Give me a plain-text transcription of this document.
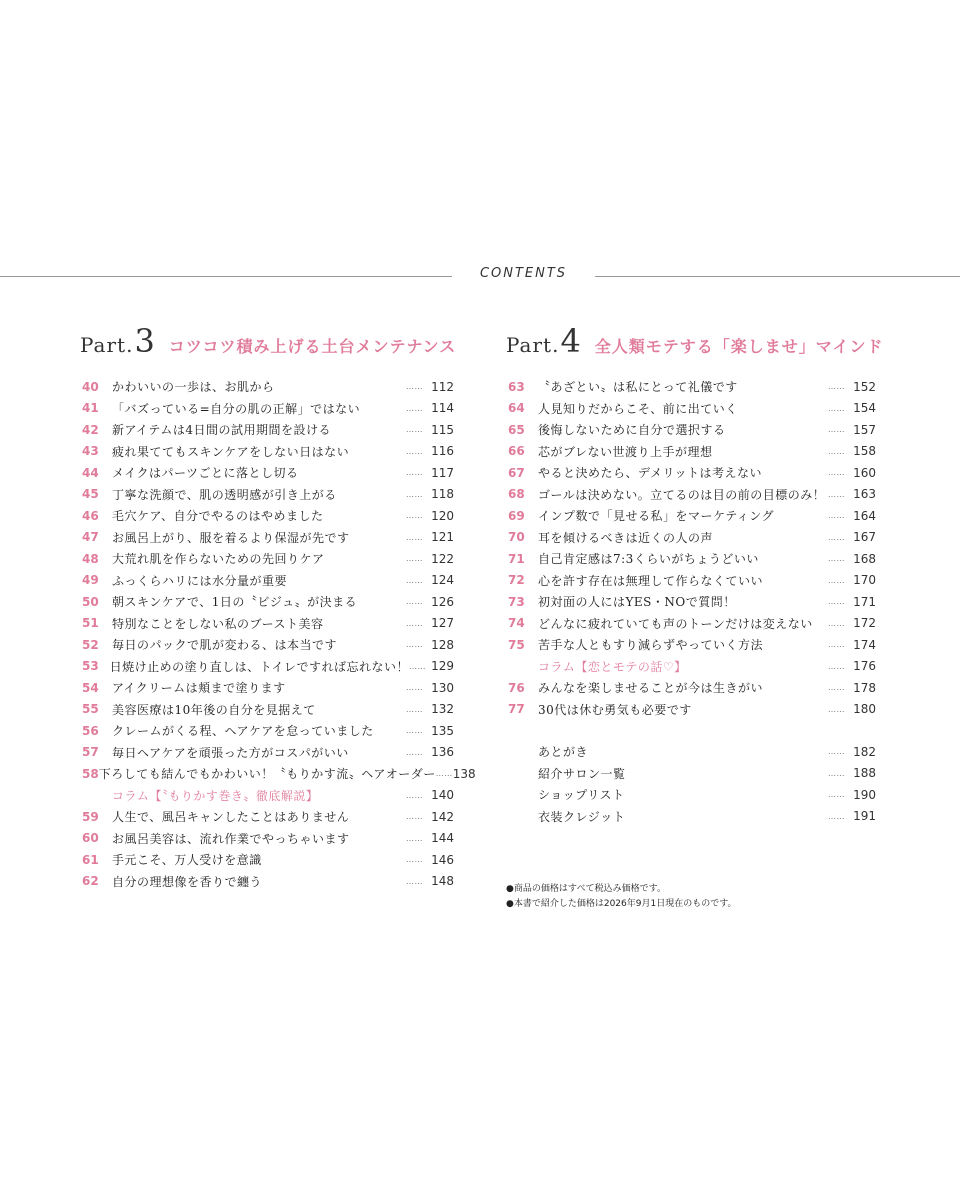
CONTENTS
Part. 3 コツコツ積み上げる土台メンテナンス Part. 4 全人類モテする「楽しませ」マインド
40	かわいいの一歩は、お肌から	…… 112
41	「バズっている=自分の肌の正解」ではない	…… 114
42	新アイテムは4日間の試用期間を設ける	…… 115
43	疲れ果ててもスキンケアをしない日はない	…… 116
44	メイクはパーツごとに落とし切る	…… 117
45	丁寧な洗顔で、肌の透明感が引き上がる	…… 118
46	毛穴ケア、自分でやるのはやめました	…… 120
47	お風呂上がり、服を着るより保湿が先です	…… 121
48	大荒れ肌を作らないための先回りケア	…… 122
49	ふっくらハリには水分量が重要	…… 124
50	朝スキンケアで、1日の〝ビジュ〟が決まる	…… 126
51	特別なことをしない私のブースト美容	…… 127
52	毎日のパックで肌が変わる、は本当です	…… 128
53 日焼け止めの塗り直しは、トイレですれば忘れない！ …… 129
54	アイクリームは頬まで塗ります	…… 130
55	美容医療は10年後の自分を見据えて	…… 132
56	クレームがくる程、ヘアケアを怠っていました	…… 135
57	毎日ヘアケアを頑張った方がコスパがいい	…… 136
58 下ろしても結んでもかわいい！〝もりかす流〟ヘアオーダー …… 138
コラム【〝もりかす巻き〟徹底解説】	…… 140
59	人生で、風呂キャンしたことはありません	…… 142
60	お風呂美容は、流れ作業でやっちゃいます	…… 144
61	手元こそ、万人受けを意識	…… 146
62	自分の理想像を香りで纏う	…… 148
63	〝あざとい〟は私にとって礼儀です	…… 152
64	人見知りだからこそ、前に出ていく	…… 154
65	後悔しないために自分で選択する	…… 157
66	芯がブレない世渡り上手が理想	…… 158
67	やると決めたら、デメリットは考えない	…… 160
68	ゴールは決めない。立てるのは目の前の目標のみ！ …… 163
69	インプ数で「見せる私」をマーケティング	…… 164
70	耳を傾けるべきは近くの人の声	…… 167
71	自己肯定感は7:3くらいがちょうどいい	…… 168
72	心を許す存在は無理して作らなくていい	…… 170
73	初対面の人にはYES・NOで質問！	…… 171
74	どんなに疲れていても声のトーンだけは変えない	…… 172
75	苦手な人ともすり減らずやっていく方法	…… 174
コラム【恋とモテの話♡】	…… 176
76	みんなを楽しませることが今は生きがい	…… 178
77	30代は休む勇気も必要です	…… 180
あとがき	…… 182
紹介サロン一覧	…… 188
ショップリスト	…… 190
衣装クレジット	…… 191
●商品の価格はすべて税込み価格です。
●本書で紹介した価格は2026年9月1日現在のものです。
